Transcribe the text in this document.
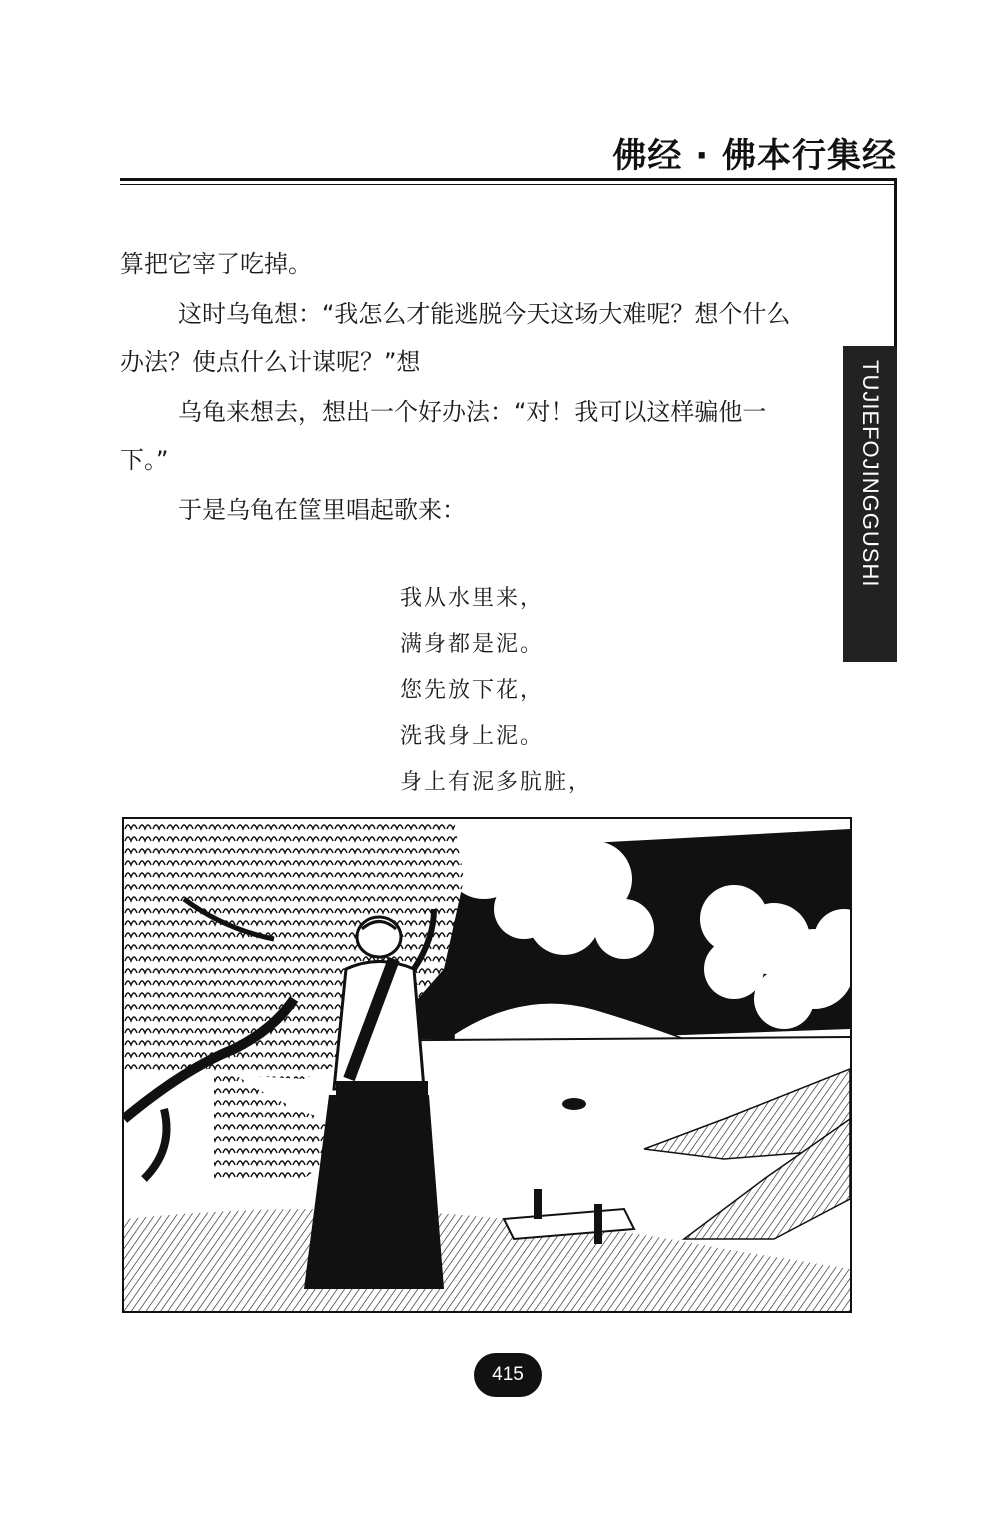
佛经 · 佛本行集经
TUJIEFOJINGGUSHI

算把它宰了吃掉。

这时乌龟想：“我怎么才能逃脱今天这场大难呢？想个什么办法？使点什么计谋呢？”想

乌龟来想去，想出一个好办法：“对！我可以这样骗他一下。”

于是乌龟在筐里唱起歌来：

我从水里来，
满身都是泥。
您先放下花，
洗我身上泥。
身上有泥多肮脏，
415
